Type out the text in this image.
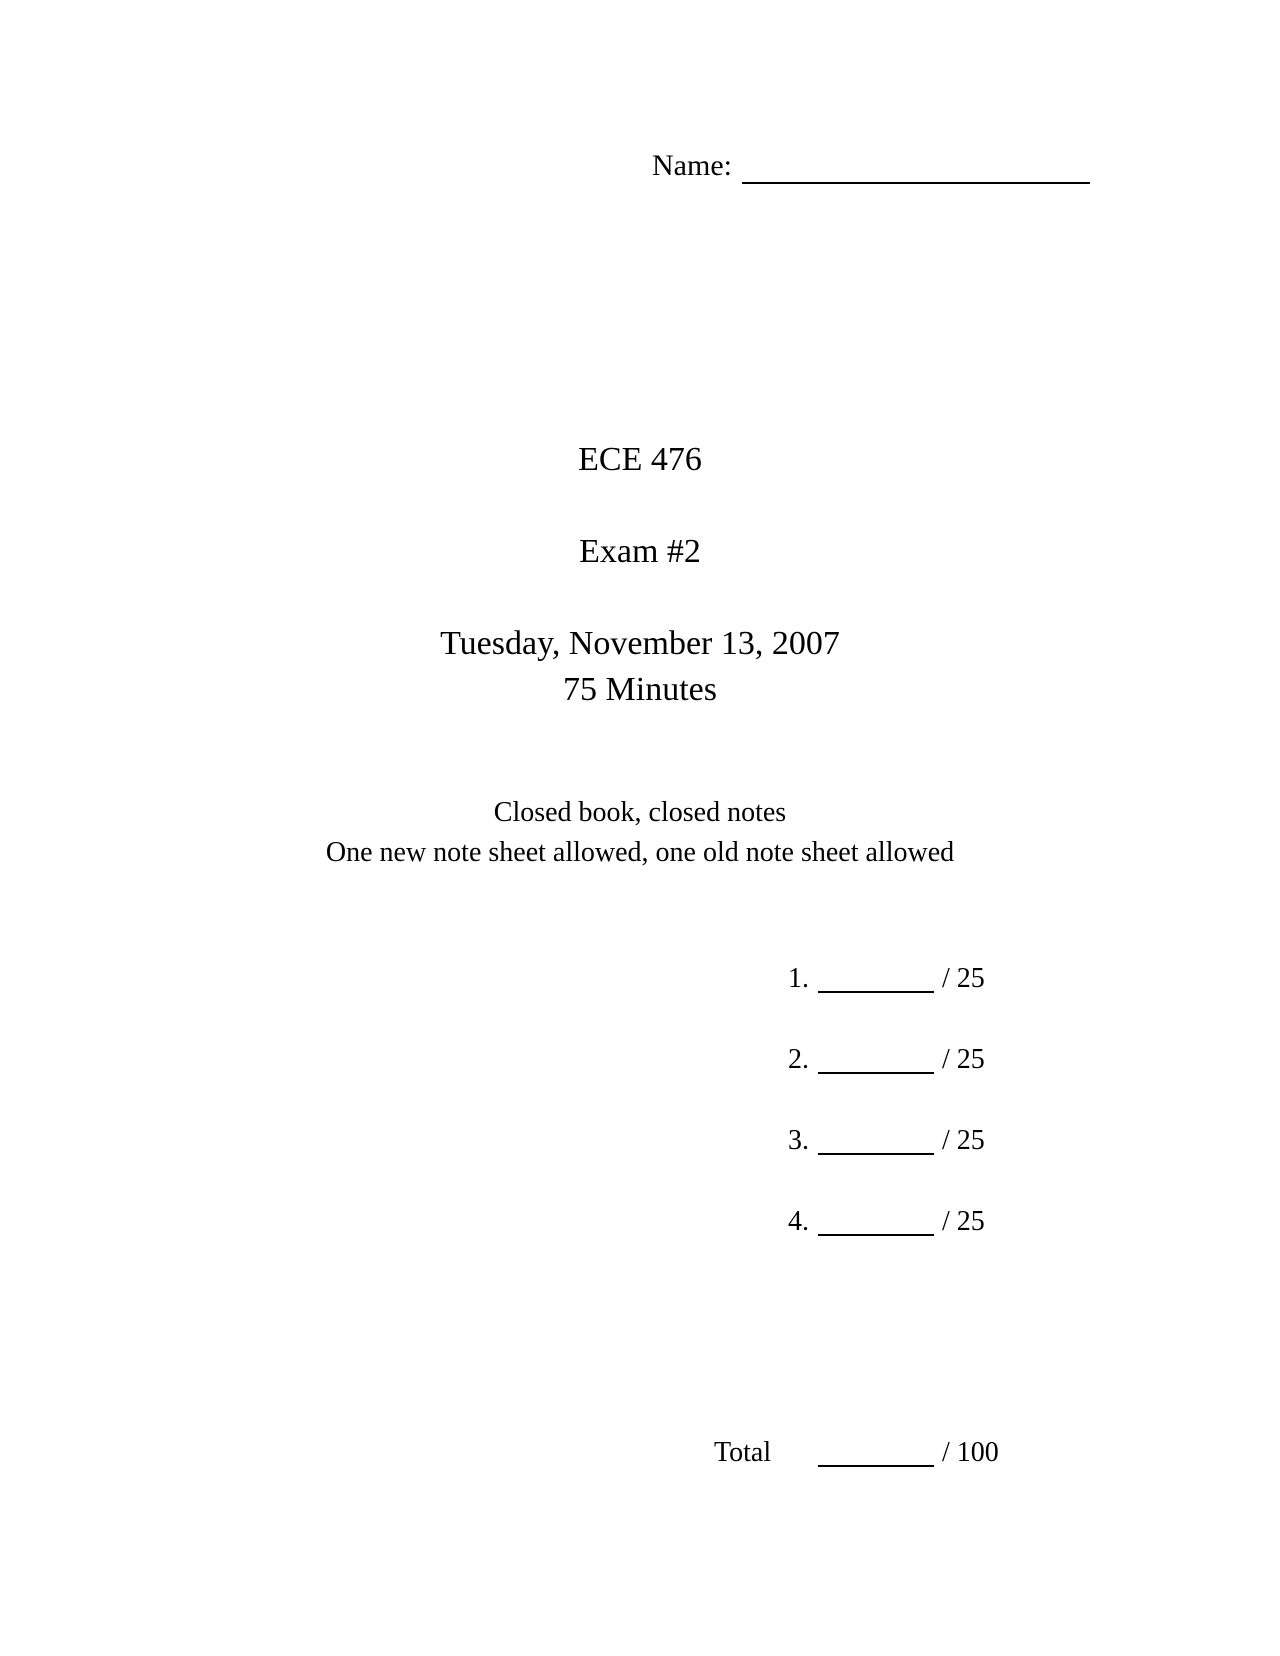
Name:
ECE 476
Exam #2
Tuesday, November 13, 2007
75 Minutes
Closed book, closed notes
One new note sheet allowed, one old note sheet allowed
1.	/ 25
2.	/ 25
3.	/ 25
4.	/ 25
Total	/ 100
